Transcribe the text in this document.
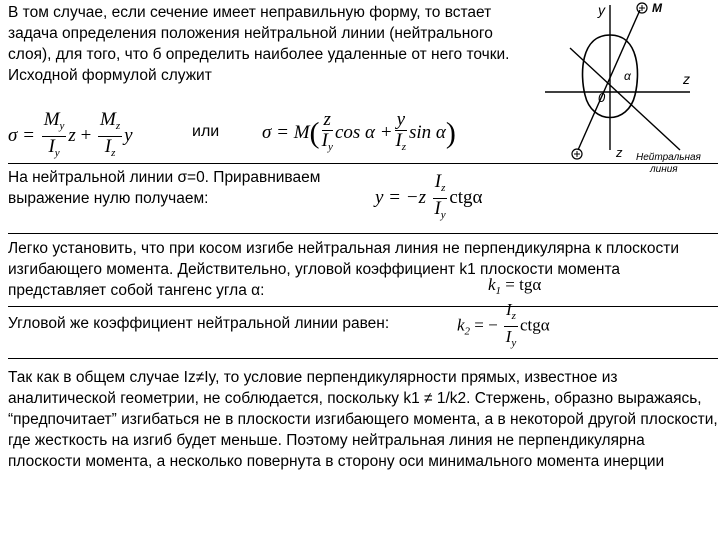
В том случае, если сечение имеет неправильную форму, то встает задача определения положения нейтральной линии (нейтрального слоя), для того, что б определить наиболее удаленные от него точки. Исходной формулой служит
$\sigma = \frac{M_y}{I_y}$ $z + \frac{M_z}{I_z}$ y	или $\sigma = M( \frac{z}{I_y}$ $\cos \alpha + \frac{y}{I_z}$ sin α)
y
z
z
0
α
M
Нейтральная
линия
На нейтральной линии σ=0. Приравниваем выражение нулю получаем:	$y = -z \frac{I_z}{I_y}$ ctgα
Легко установить, что при косом изгибе нейтральная линия не перпендикулярна к плоскости изгибающего момента. Действительно, угловой коэффициент k1 плоскости момента представляет собой тангенс угла α:	$k_1 = tg\alpha$
Угловой же коэффициент нейтральной линии равен:	$k_2$ = − $\frac{I_z}{I_y}$ ctgα
Так как в общем случае Iz≠Iy, то условие перпендикулярности прямых, известное из аналитической геометрии, не соблюдается, поскольку k1 ≠ 1/k2. Стержень, образно выражаясь, “предпочитает” изгибаться не в плоскости изгибающего момента, а в некоторой другой плоскости, где жесткость на изгиб будет меньше. Поэтому нейтральная линия не перпендикулярна плоскости момента, а несколько повернута в сторону оси минимального момента инерции
